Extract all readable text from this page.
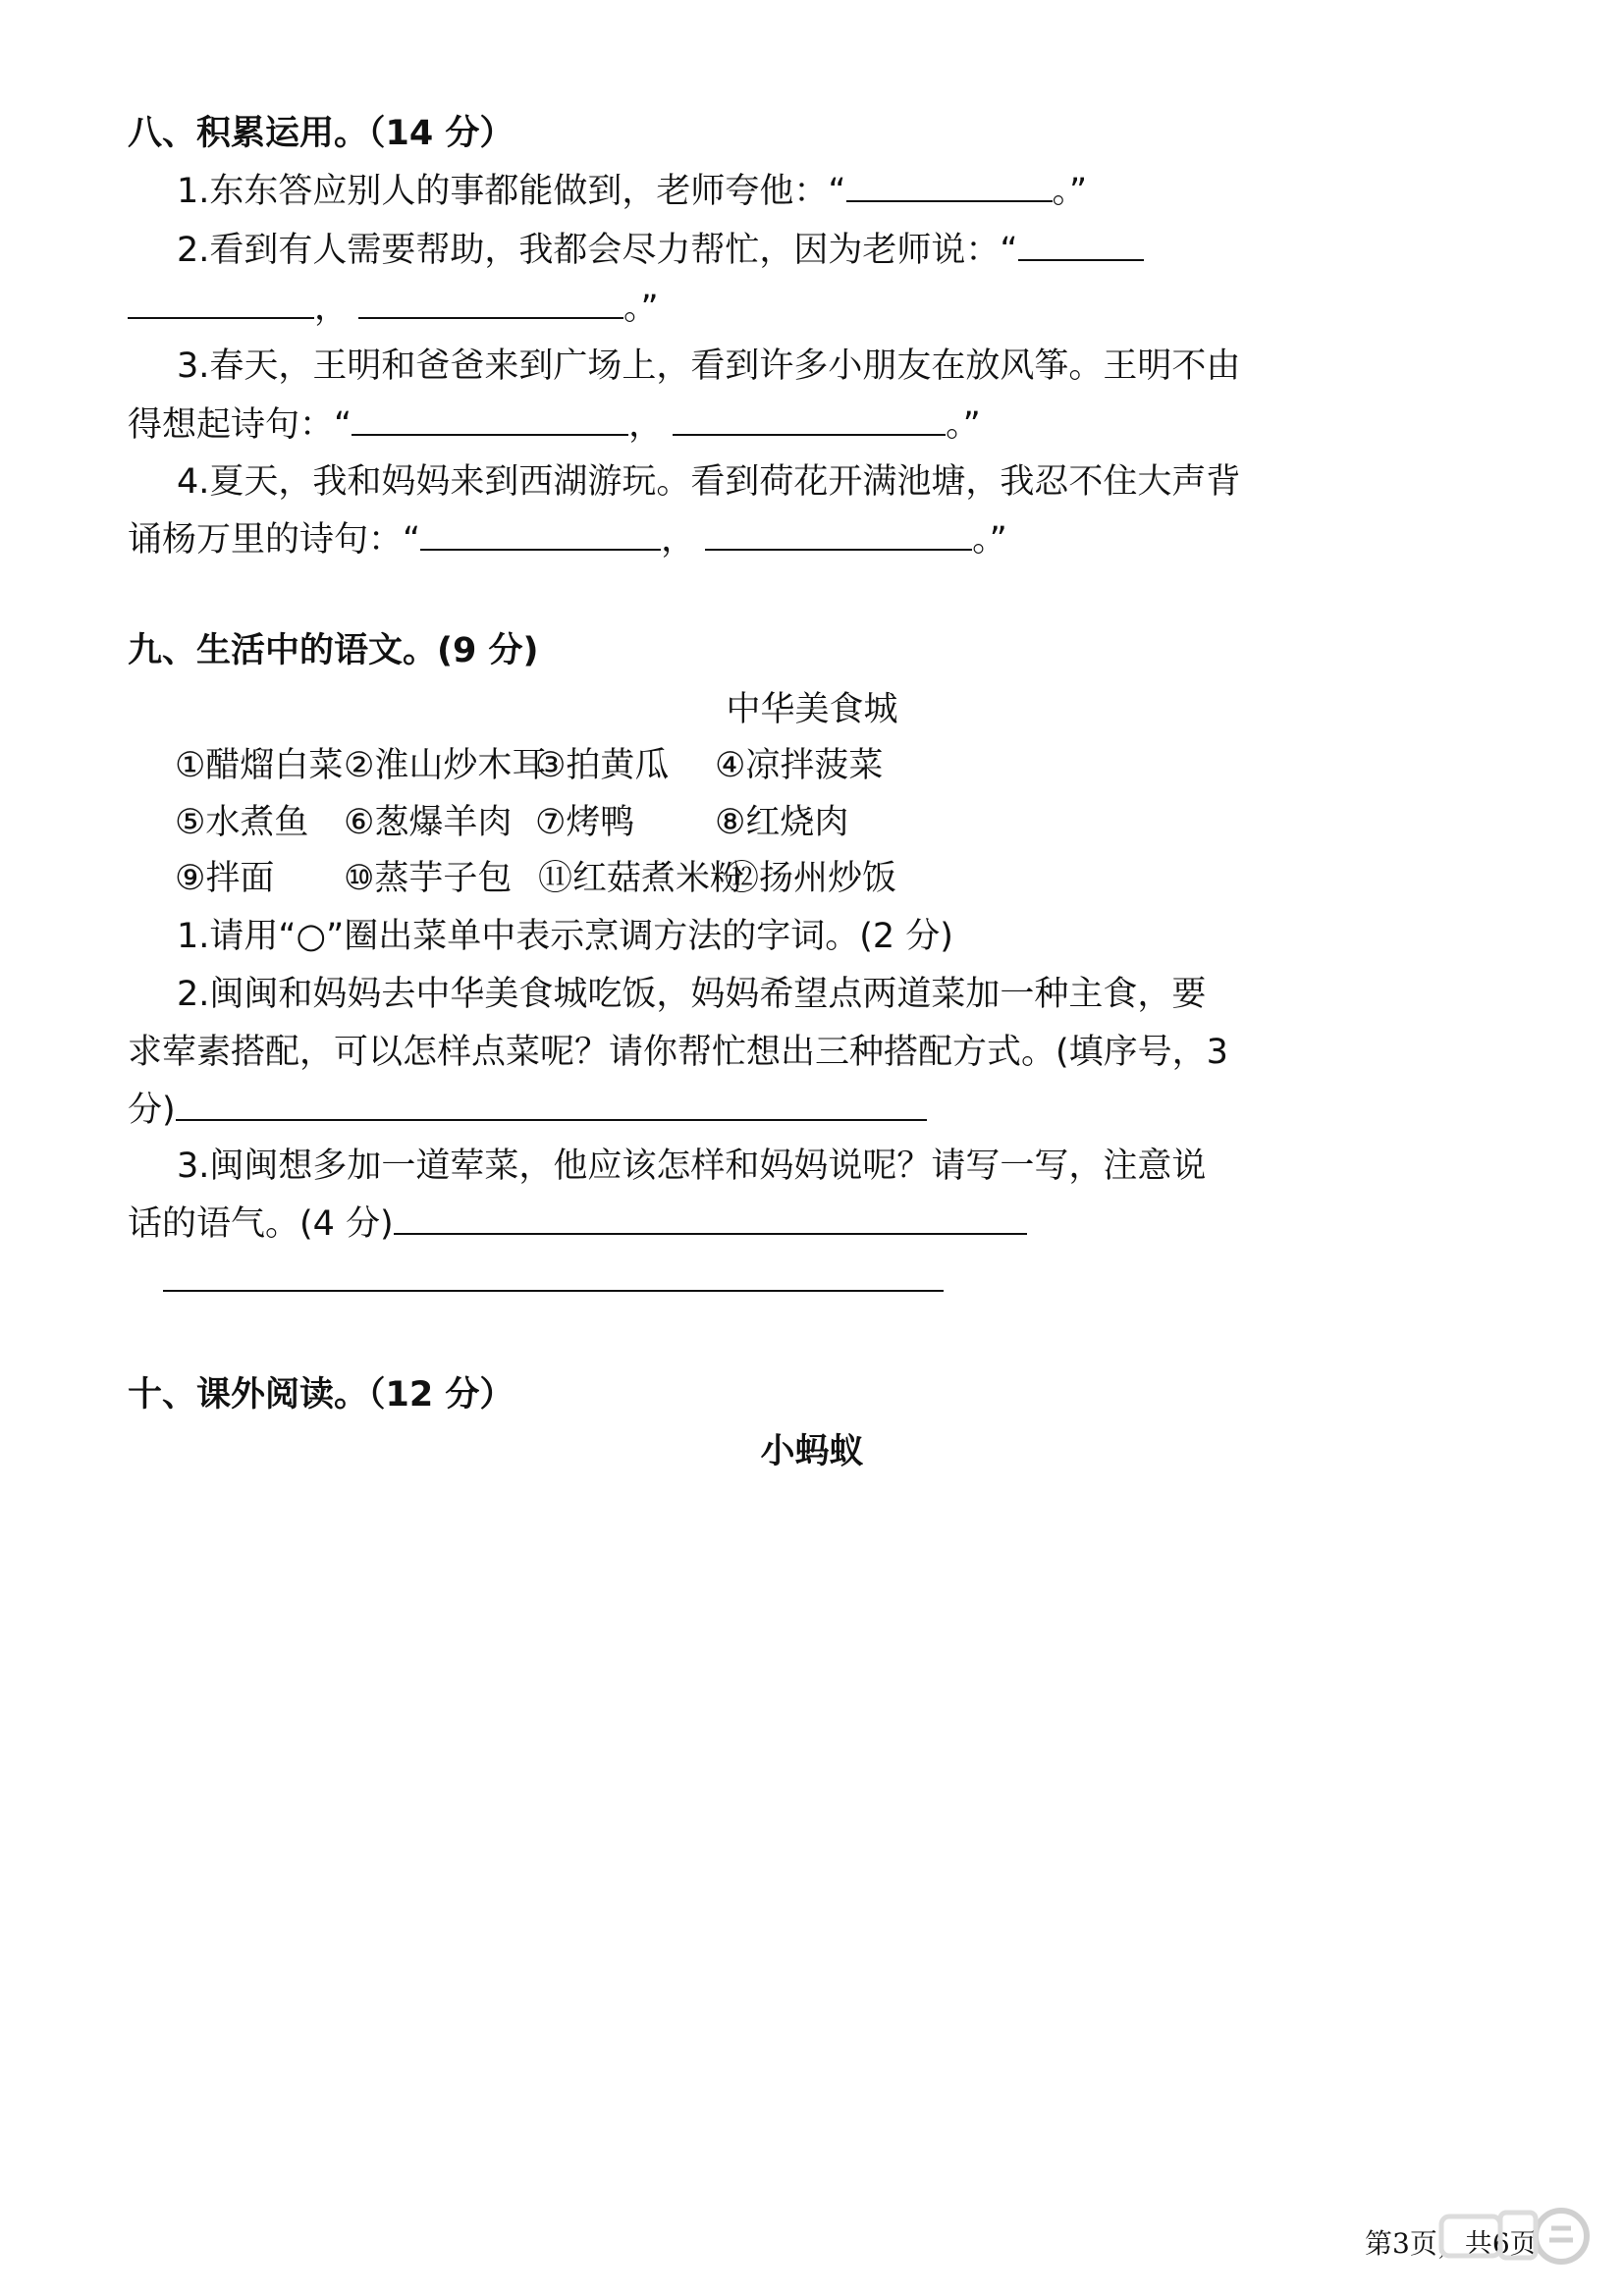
八、积累运用。（14 分）
1.东东答应别人的事都能做到，老师夸他：“	。”
2.看到有人需要帮助，我都会尽力帮忙，因为老师说：“
，	。”
3.春天，王明和爸爸来到广场上，看到许多小朋友在放风筝。王明不由
得想起诗句：“	，	。”
4.夏天，我和妈妈来到西湖游玩。看到荷花开满池塘，我忍不住大声背
诵杨万里的诗句：“	，	。”
九、生活中的语文。(9 分)
中华美食城
①醋熘白菜 ②淮山炒木耳
③拍黄瓜 ④凉拌菠菜
⑤水煮鱼 ⑥葱爆羊肉 ⑦烤鸭 ⑧红烧肉
⑨拌面 ⑩蒸芋子包 ⑪红菇煮米粉
⑫扬州炒饭
1.请用“○”圈出菜单中表示烹调方法的字词。(2 分)
2.闽闽和妈妈去中华美食城吃饭，妈妈希望点两道菜加一种主食，要
求荤素搭配，可以怎样点菜呢？请你帮忙想出三种搭配方式。(填序号，3
分)
3.闽闽想多加一道荤菜，他应该怎样和妈妈说呢？请写一写，注意说
话的语气。(4 分)
十、课外阅读。（12 分）
小蚂蚁
第3页，共6页
